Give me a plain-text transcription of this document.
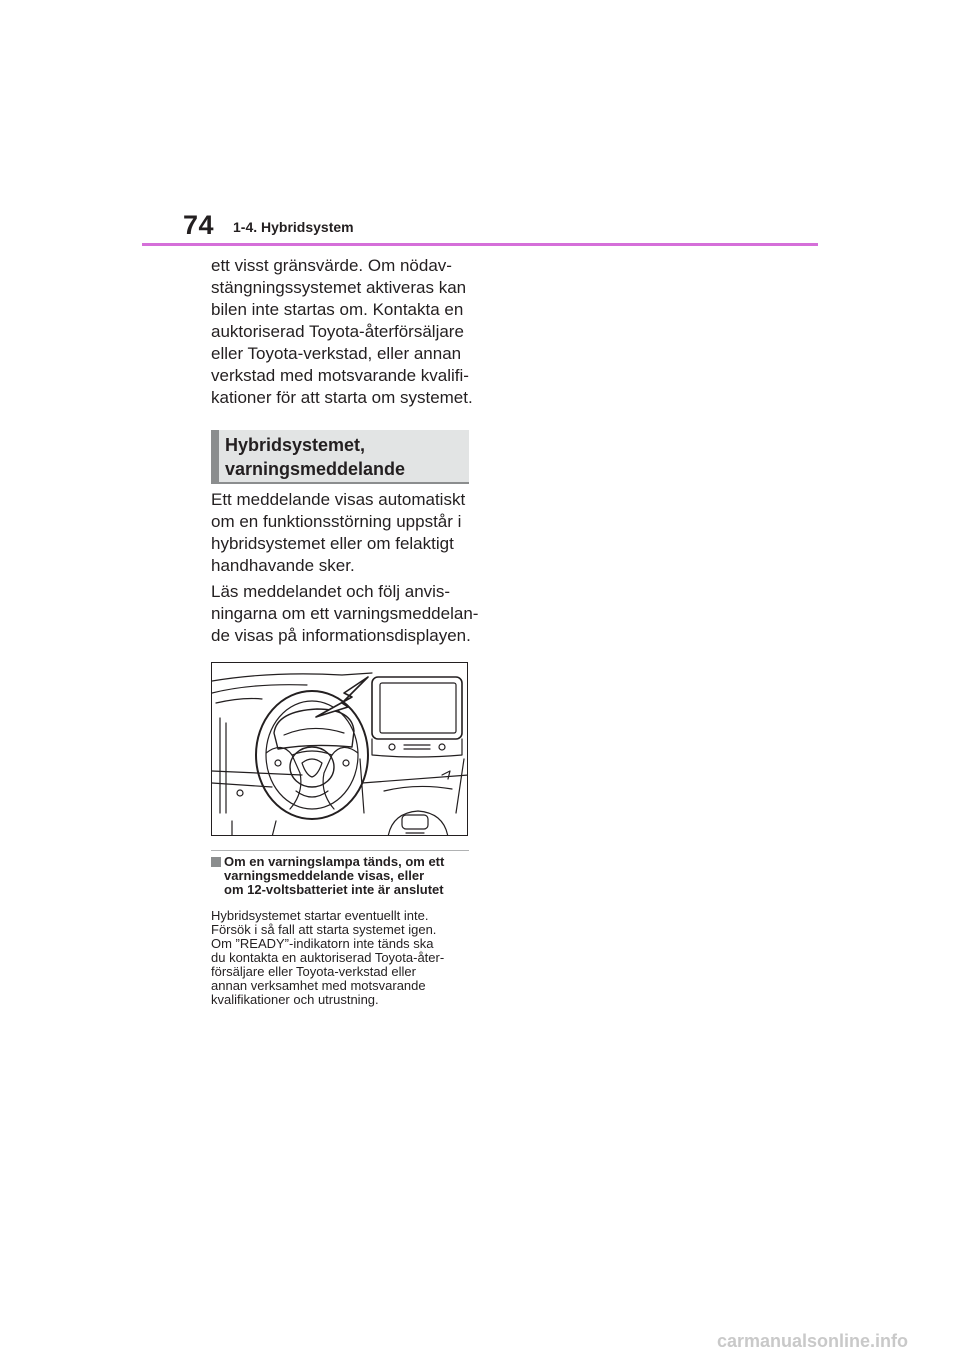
74 1-4. Hybridsystem

ett visst gränsvärde. Om nödav-
stängningssystemet aktiveras kan
bilen inte startas om. Kontakta en
auktoriserad Toyota-återförsäljare
eller Toyota-verkstad, eller annan
verkstad med motsvarande kvalifi-
kationer för att starta om systemet.

Hybridsystemet,
varningsmeddelande

Ett meddelande visas automatiskt
om en funktionsstörning uppstår i
hybridsystemet eller om felaktigt
handhavande sker.

Läs meddelandet och följ anvis-
ningarna om ett varningsmeddelan-
de visas på informationsdisplayen.

Om en varningslampa tänds, om ett
varningsmeddelande visas, eller
om 12-voltsbatteriet inte är anslutet

Hybridsystemet startar eventuellt inte.
Försök i så fall att starta systemet igen.
Om ”READY”-indikatorn inte tänds ska
du kontakta en auktoriserad Toyota-åter-
försäljare eller Toyota-verkstad eller
annan verksamhet med motsvarande
kvalifikationer och utrustning.

carmanualsonline.info
